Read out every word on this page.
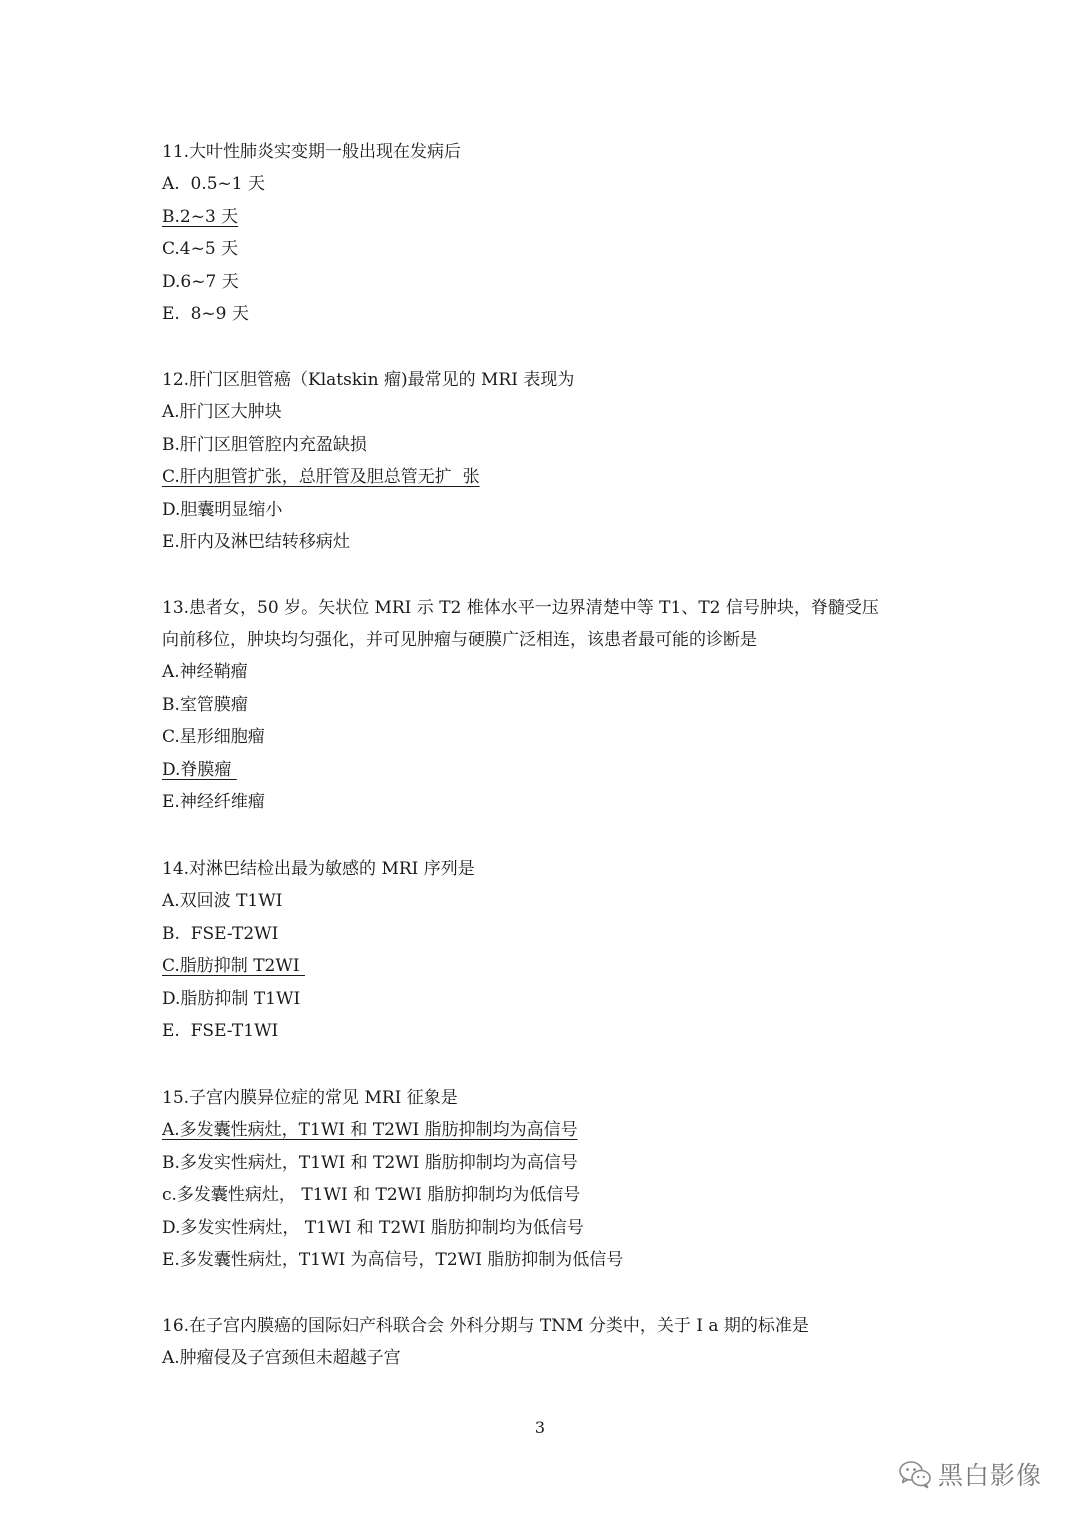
11.大叶性肺炎实变期一般出现在发病后

A.  0.5~1 天

B.2~3 天

C.4~5 天

D.6~7 天

E.  8~9 天

12.肝门区胆管癌（Klatskin 瘤)最常见的 MRI 表现为

A.肝门区大肿块

B.肝门区胆管腔内充盈缺损

C.肝内胆管扩张，总肝管及胆总管无扩  张

D.胆囊明显缩小

E.肝内及淋巴结转移病灶

13.患者女，50 岁。矢状位 MRI 示 T2 椎体水平一边界清楚中等 T1、T2 信号肿块，脊髓受压
向前移位，肿块均匀强化，并可见肿瘤与硬膜广泛相连，该患者最可能的诊断是

A.神经鞘瘤

B.室管膜瘤

C.星形细胞瘤

D.脊膜瘤

E.神经纤维瘤

14.对淋巴结检出最为敏感的 MRI 序列是

A.双回波 T1WI

B.  FSE-T2WI

C.脂肪抑制 T2WI

D.脂肪抑制 T1WI

E.  FSE-T1WI

15.子宫内膜异位症的常见 MRI 征象是

A.多发囊性病灶，T1WI 和 T2WI 脂肪抑制均为高信号

B.多发实性病灶，T1WI 和 T2WI 脂肪抑制均为高信号

c.多发囊性病灶， T1WI 和 T2WI 脂肪抑制均为低信号

D.多发实性病灶， T1WI 和 T2WI 脂肪抑制均为低信号

E.多发囊性病灶，T1WI 为高信号，T2WI 脂肪抑制为低信号

16.在子宫内膜癌的国际妇产科联合会 外科分期与 TNM 分类中，关于 I a 期的标准是

A.肿瘤侵及子宫颈但未超越子宫

3
黑白影像
